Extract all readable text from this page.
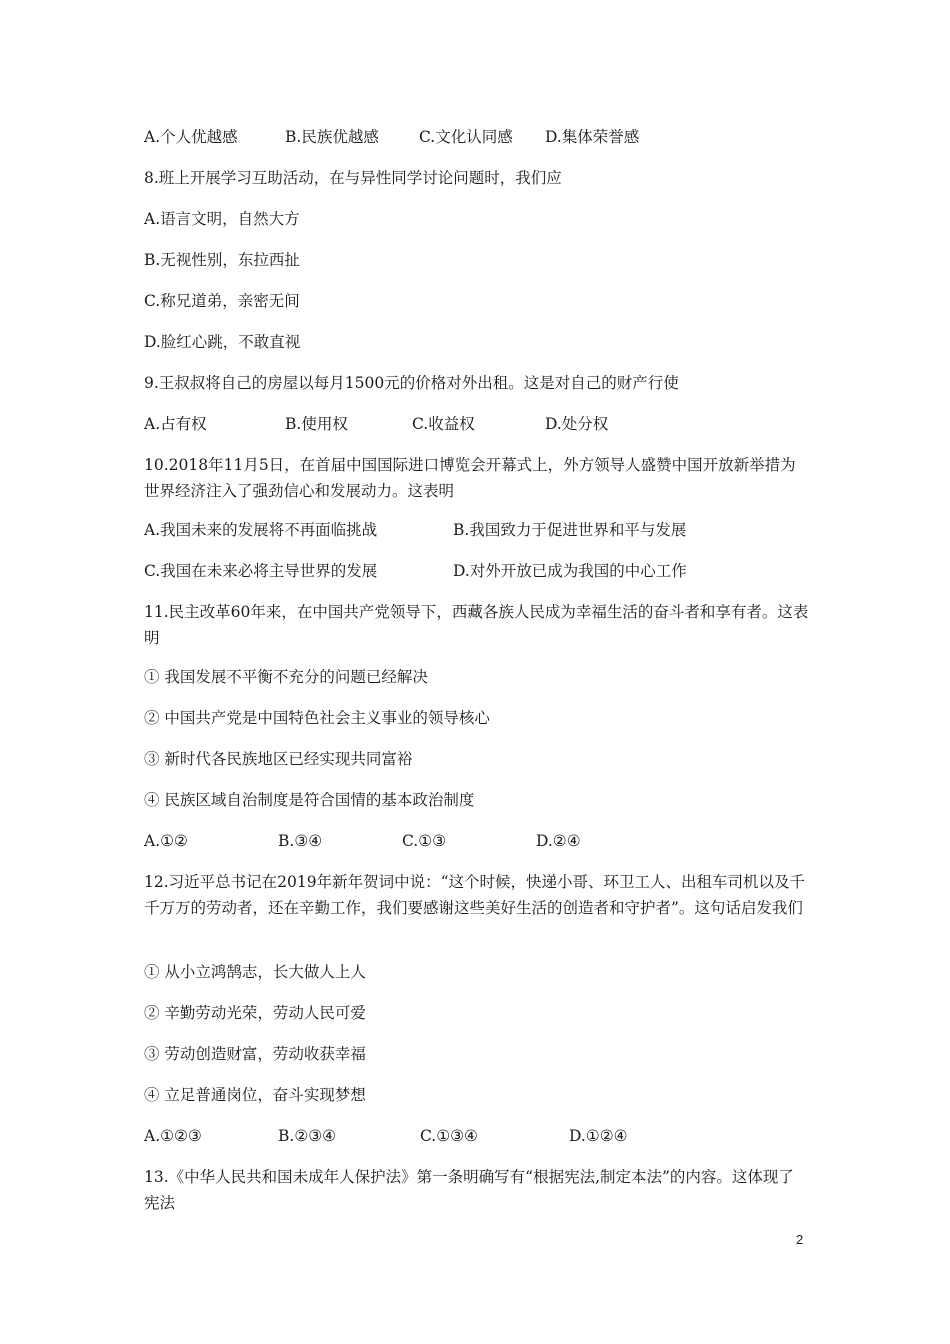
A.个人优越感	B.民族优越感	C.文化认同感 D.集体荣誉感
8.班上开展学习互助活动，在与异性同学讨论问题时，我们应
A.语言文明，自然大方
B.无视性别，东拉西扯
C.称兄道弟，亲密无间
D.脸红心跳，不敢直视
9.王叔叔将自己的房屋以每月1500元的价格对外出租。这是对自己的财产行使
A.占有权	B.使用权	C.收益权	D.处分权
10.2018年11月5日，在首届中国国际进口博览会开幕式上，外方领导人盛赞中国开放新举措为世界经济注入了强劲信心和发展动力。这表明
A.我国未来的发展将不再面临挑战	B.我国致力于促进世界和平与发展
C.我国在未来必将主导世界的发展	D.对外开放已成为我国的中心工作
11.民主改革60年来，在中国共产党领导下，西藏各族人民成为幸福生活的奋斗者和享有者。这表明
① 我国发展不平衡不充分的问题已经解决
② 中国共产党是中国特色社会主义事业的领导核心
③ 新时代各民族地区已经实现共同富裕
④ 民族区域自治制度是符合国情的基本政治制度
A.①②	B.③④	C.①③	D.②④
12.习近平总书记在2019年新年贺词中说：“这个时候，快递小哥、环卫工人、出租车司机以及千千万万的劳动者，还在辛勤工作，我们要感谢这些美好生活的创造者和守护者”。这句话启发我们
① 从小立鸿鹄志，长大做人上人
② 辛勤劳动光荣，劳动人民可爱
③ 劳动创造财富，劳动收获幸福
④ 立足普通岗位，奋斗实现梦想
A.①②③	B.②③④	C.①③④	D.①②④
13.《中华人民共和国未成年人保护法》第一条明确写有“根据宪法,制定本法”的内容。这体现了宪法
2
